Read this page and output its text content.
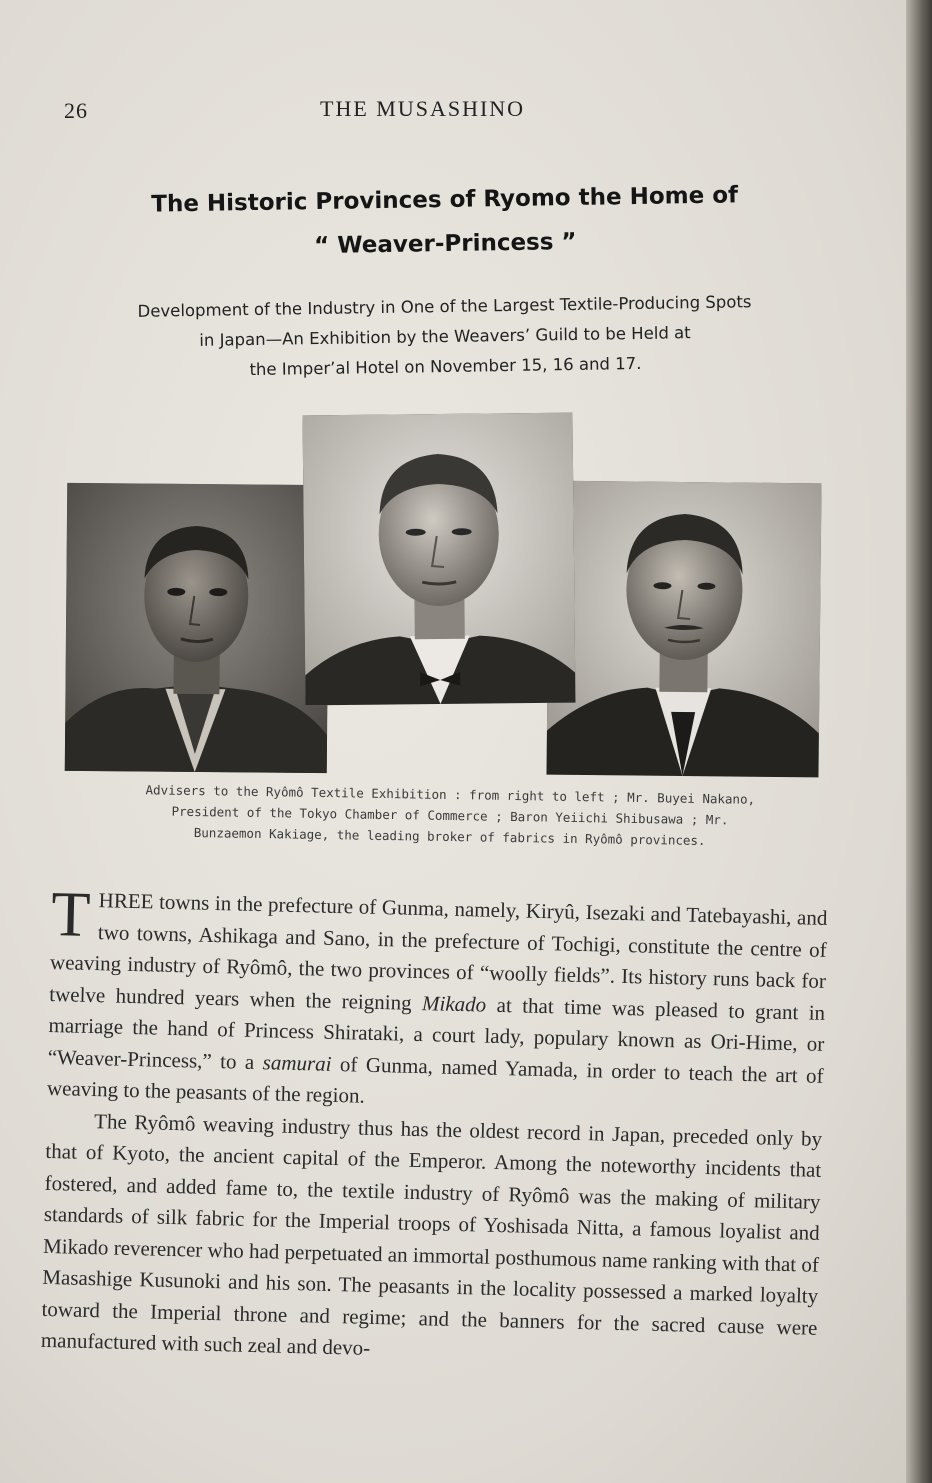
26	THE MUSASHINO
The Historic Provinces of Ryomo the Home of
“ Weaver-Princess ”
Development of the Industry in One of the Largest Textile-Producing Spots
in Japan—An Exhibition by the Weavers’ Guild to be Held at
the Imper’al Hotel on November 15, 16 and 17.
Advisers to the Ryômô Textile Exhibition : from right to left ; Mr. Buyei Nakano,
President of the Tokyo Chamber of Commerce ; Baron Yeiichi Shibusawa ; Mr.
Bunzaemon Kakiage, the leading broker of fabrics in Ryômô provinces.

THREE towns in the prefecture of Gunma, namely, Kiryû, Isezaki and Tatebayashi, and two towns, Ashikaga and Sano, in the prefecture of Tochigi, constitute the centre of weaving industry of Ryômô, the two provinces of “woolly fields”. Its history runs back for twelve hundred years when the reigning Mikado at that time was pleased to grant in marriage the hand of Princess Shirataki, a court lady, populary known as Ori-Hime, or “Weaver-Princess,” to a samurai of Gunma, named Yamada, in order to teach the art of weaving to the peasants of the region.

The Ryômô weaving industry thus has the oldest record in Japan, preceded only by that of Kyoto, the ancient capital of the Emperor. Among the noteworthy incidents that fostered, and added fame to, the textile industry of Ryômô was the making of military standards of silk fabric for the Imperial troops of Yoshisada Nitta, a famous loyalist and Mikado reverencer who had perpetuated an immortal posthumous name ranking with that of Masashige Kusunoki and his son. The peasants in the locality possessed a marked loyalty toward the Imperial throne and regime; and the banners for the sacred cause were manufactured with such zeal and devo-
